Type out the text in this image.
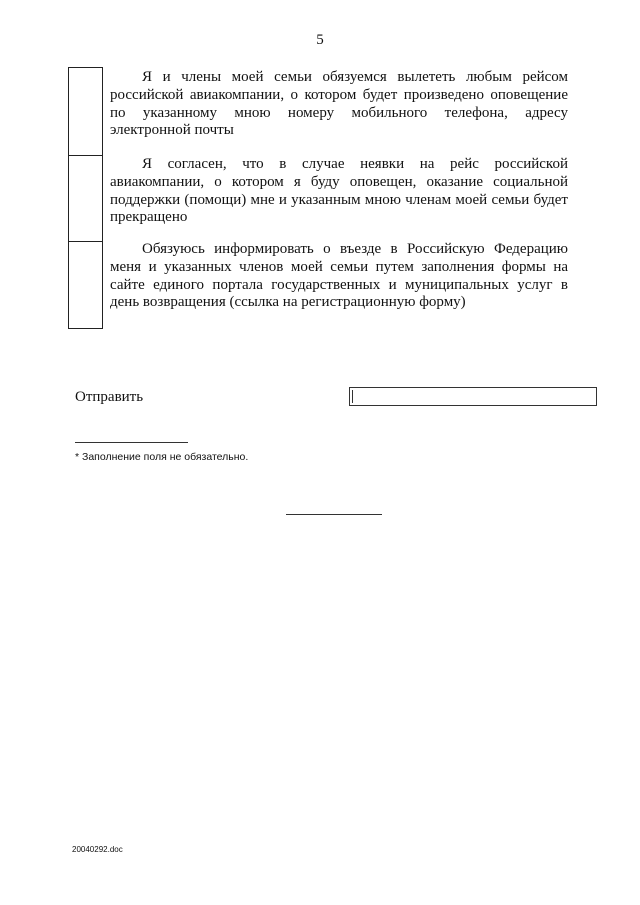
5
Я и члены моей семьи обязуемся вылететь любым рейсом российской авиакомпании, о котором будет произведено оповещение по указанному мною номеру мобильного телефона, адресу электронной почты
Я согласен, что в случае неявки на рейс российской авиакомпании, о котором я буду оповещен, оказание социальной поддержки (помощи) мне и указанным мною членам моей семьи будет прекращено
Обязуюсь информировать о въезде в Российскую Федерацию меня и указанных членов моей семьи путем заполнения формы на сайте единого портала государственных и муниципальных услуг в день возвращения (ссылка на регистрационную форму)
Отправить
* Заполнение поля не обязательно.
20040292.doc
